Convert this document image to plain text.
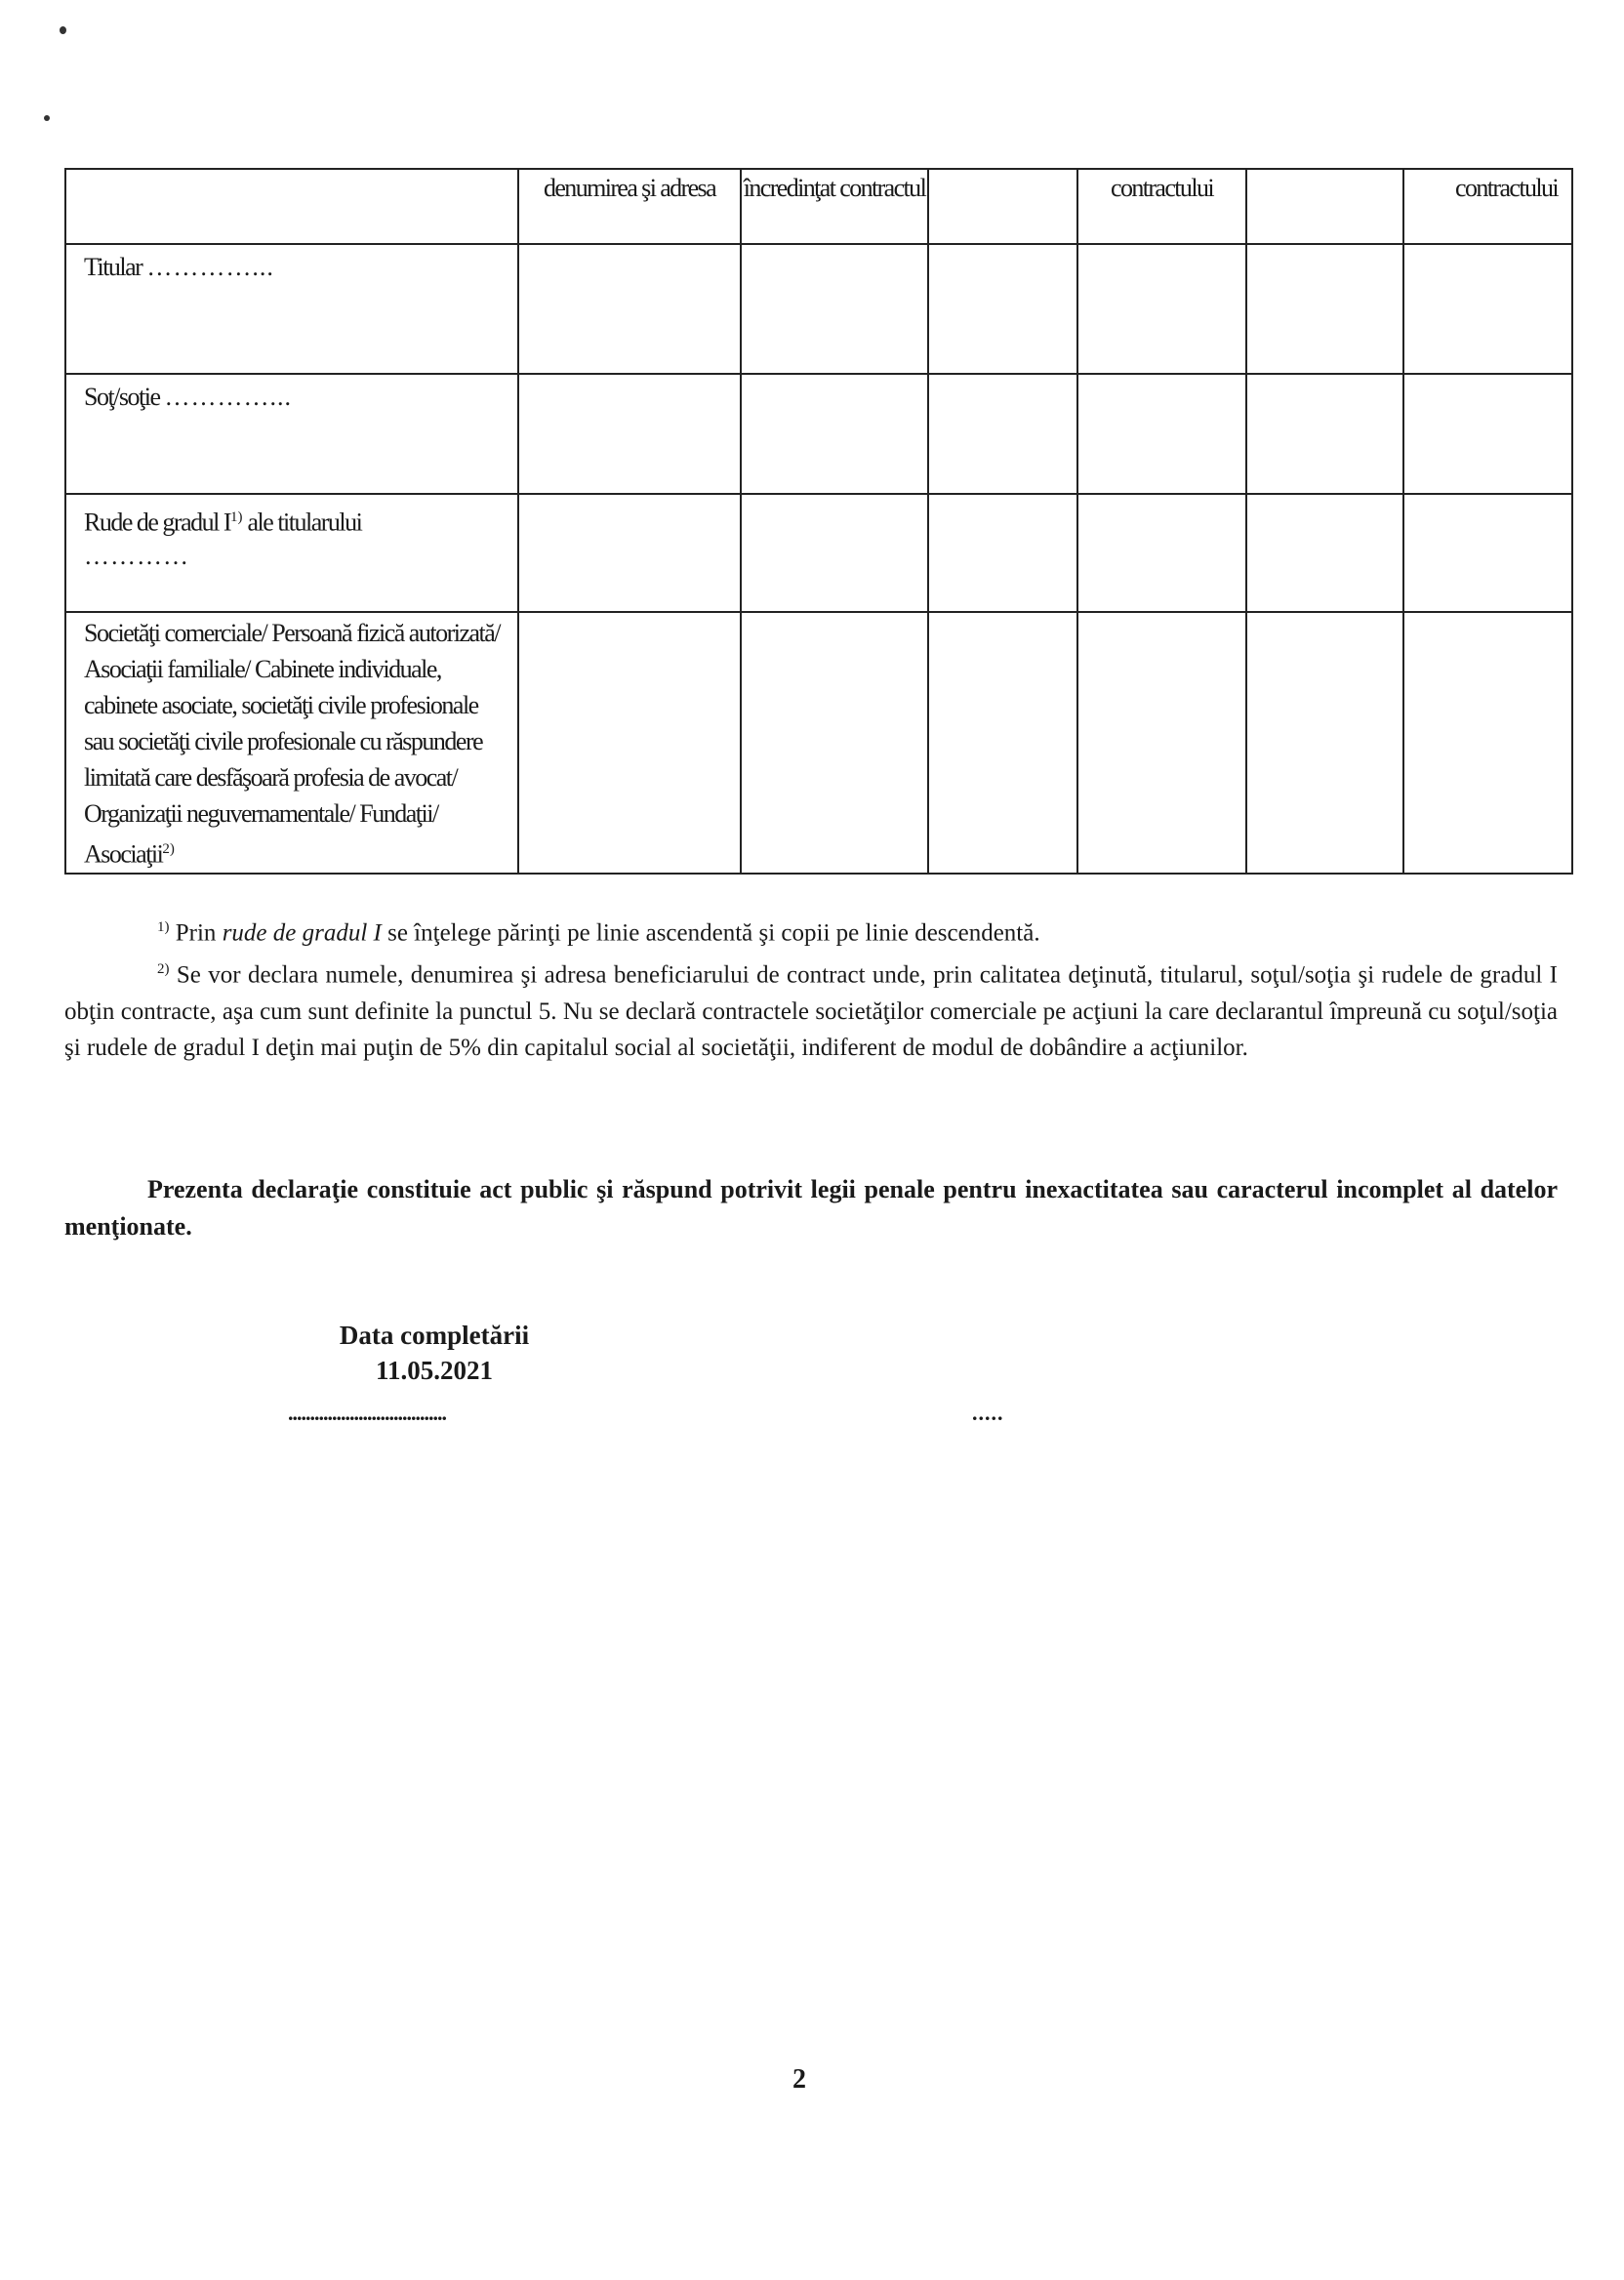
	denumirea şi adresa	încredinţat contractul		contractului		contractului

Titular …………...						

Soţ/soţie …………...						

Rude de gradul $I^{1)}$ ale titularului
…………						

Societăţi comerciale/ Persoană fizică autorizată/ Asociaţii familiale/ Cabinete individuale, cabinete asociate, societăţi civile profesionale sau societăţi civile profesionale cu răspundere limitată care desfăşoară profesia de avocat/ Organizaţii neguvernamentale/ Fundaţii/ Asociaţii$^{2)}$

$^{1)}$ Prin rude de gradul I se înţelege părinţi pe linie ascendentă şi copii pe linie descendentă.

$^{2)}$ Se vor declara numele, denumirea şi adresa beneficiarului de contract unde, prin calitatea deţinută, titularul, soţul/soţia şi rudele de gradul I obţin contracte, aşa cum sunt definite la punctul 5. Nu se declară contractele societăţilor comerciale pe acţiuni la care declarantul împreună cu soţul/soţia şi rudele de gradul I deţin mai puţin de 5% din capitalul social al societăţii, indiferent de modul de dobândire a acţiunilor.

Prezenta declaraţie constituie act public şi răspund potrivit legii penale pentru inexactitatea sau caracterul incomplet al datelor menţionate.

Data completării
11.05.2021
....................................	.....
2
